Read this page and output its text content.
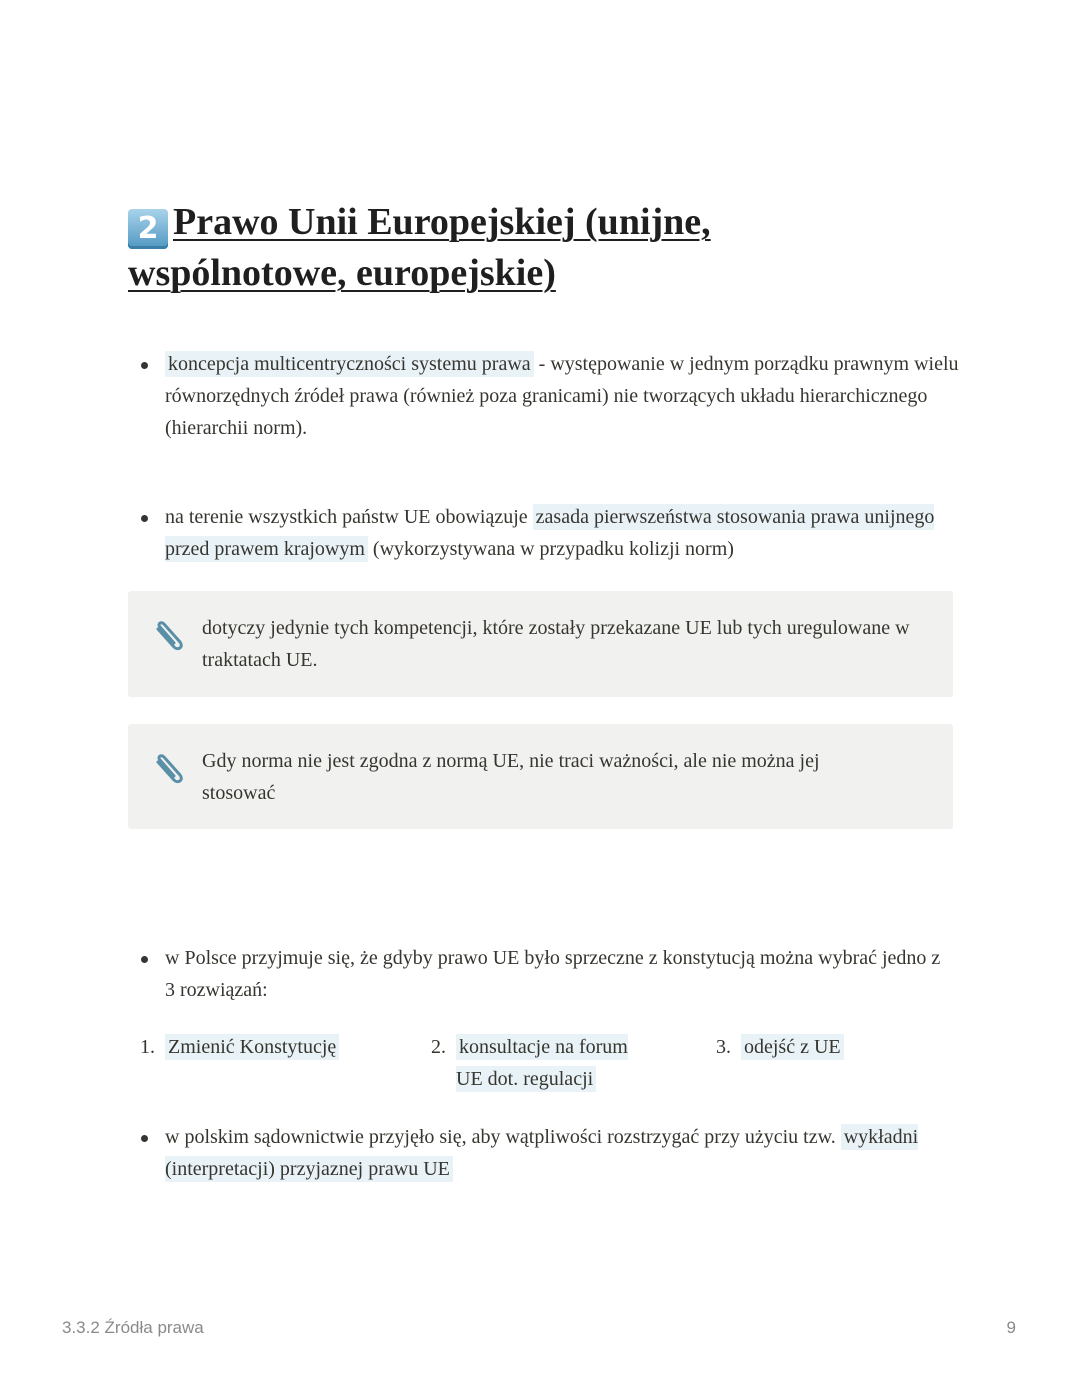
2 Prawo Unii Europejskiej (unijne, wspólnotowe, europejskie)
koncepcja multicentryczności systemu prawa - występowanie w jednym porządku prawnym wielu równorzędnych źródeł prawa (również poza granicami) nie tworzących układu hierarchicznego (hierarchii norm).
na terenie wszystkich państw UE obowiązuje zasada pierwszeństwa stosowania prawa unijnego przed prawem krajowym (wykorzystywana w przypadku kolizji norm)
dotyczy jedynie tych kompetencji, które zostały przekazane UE lub tych uregulowane w traktatach UE.
Gdy norma nie jest zgodna z normą UE, nie traci ważności, ale nie można jej stosować
w Polsce przyjmuje się, że gdyby prawo UE było sprzeczne z konstytucją można wybrać jedno z 3 rozwiązań:
1. Zmienić Konstytucję	2. konsultacje na forum UE dot. regulacji
3. odejść z UE
w polskim sądownictwie przyjęło się, aby wątpliwości rozstrzygać przy użyciu tzw. wykładni (interpretacji) przyjaznej prawu UE
3.3.2 Źródła prawa	9
